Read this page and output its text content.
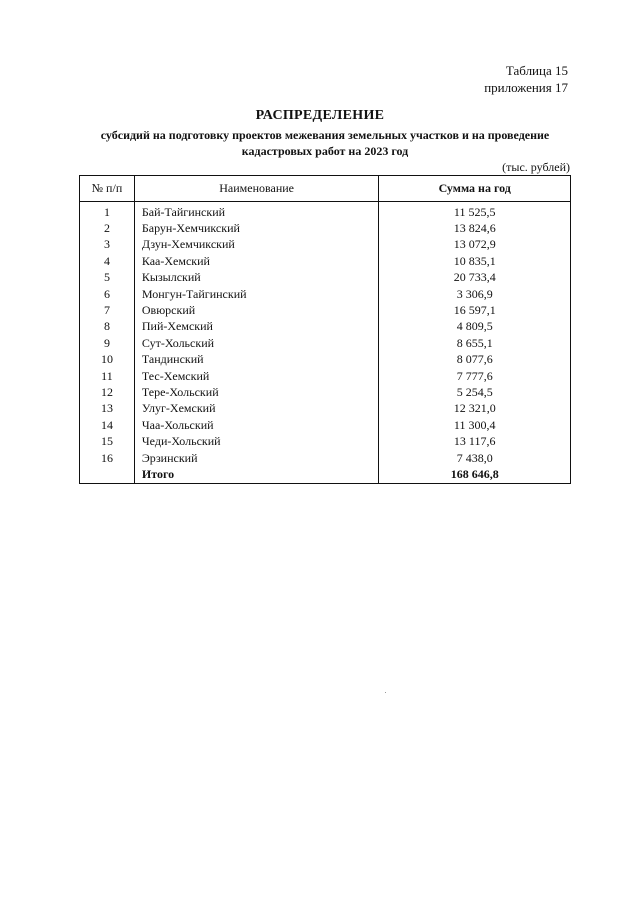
Таблица 15
приложения 17
РАСПРЕДЕЛЕНИЕ
субсидий на подготовку проектов межевания земельных участков и на проведение
кадастровых работ на 2023 год
(тыс. рублей)
№ п/п	Наименование	Сумма на год
1	Бай-Тайгинский	11 525,5
2	Барун-Хемчикский	13 824,6
3	Дзун-Хемчикский	13 072,9
4	Каа-Хемский	10 835,1
5	Кызылский	20 733,4
6	Монгун-Тайгинский	3 306,9
7	Овюрский	16 597,1
8	Пий-Хемский	4 809,5
9	Сут-Хольский	8 655,1
10	Тандинский	8 077,6
11	Тес-Хемский	7 777,6
12	Тере-Хольский	5 254,5
13	Улуг-Хемский	12 321,0
14	Чаа-Хольский	11 300,4
15	Чеди-Хольский	13 117,6
16	Эрзинский	7 438,0
	Итого	168 646,8
